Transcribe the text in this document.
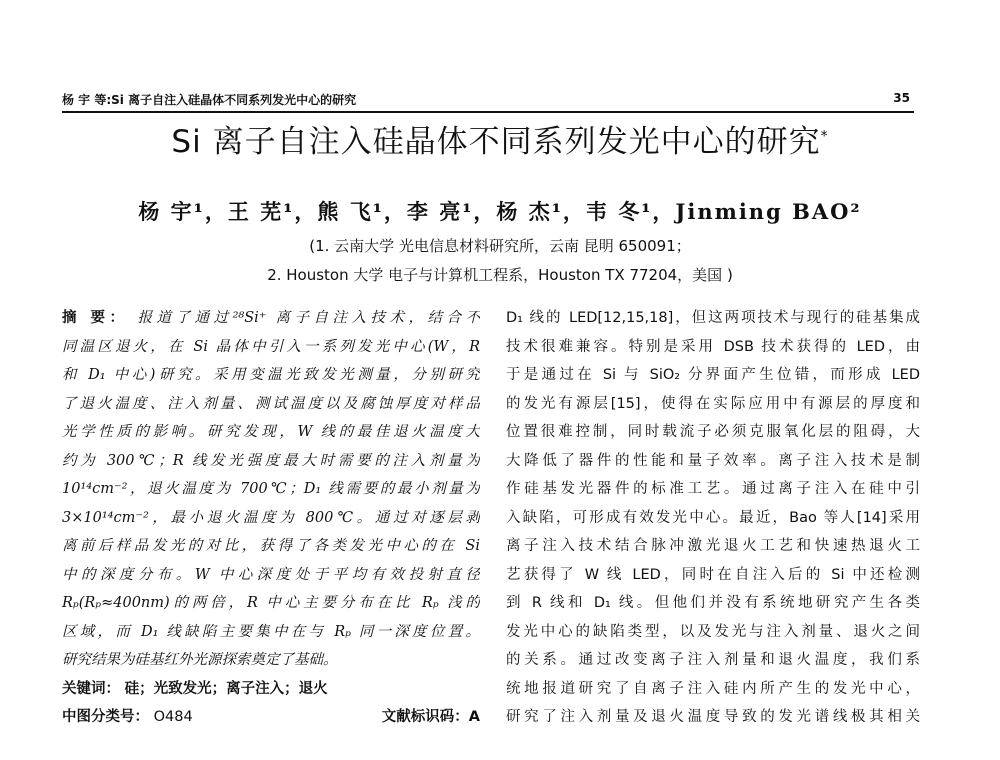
杨 宇 等:Si 离子自注入硅晶体不同系列发光中心的研究	35
Si 离子自注入硅晶体不同系列发光中心的研究*
杨 宇¹，王 芜¹，熊 飞¹，李 亮¹，杨 杰¹，韦 冬¹，Jinming BAO²
(1. 云南大学 光电信息材料研究所，云南 昆明 650091；
2. Houston 大学 电子与计算机工程系，Houston TX 77204，美国 )
摘 要： 报道了通过²⁸Si⁺ 离子自注入技术，结合不
同温区退火，在 Si 晶体中引入一系列发光中心(W，R
和 D₁ 中心)研究。采用变温光致发光测量，分别研究
了退火温度、注入剂量、测试温度以及腐蚀厚度对样品
光学性质的影响。研究发现，W 线的最佳退火温度大
约为 300℃；R 线发光强度最大时需要的注入剂量为
10¹⁴cm⁻²，退火温度为 700℃；D₁ 线需要的最小剂量为
3×10¹⁴cm⁻²，最小退火温度为 800℃。通过对逐层剥
离前后样品发光的对比，获得了各类发光中心的在 Si
中的深度分布。W 中心深度处于平均有效投射直径
Rₚ(Rₚ≈400nm)的两倍，R 中心主要分布在比 Rₚ 浅的
区域，而 D₁ 线缺陷主要集中在与 Rₚ 同一深度位置。
研究结果为硅基红外光源探索奠定了基础。
关键词： 硅；光致发光；离子注入；退火
中图分类号： O484	文献标识码：A
D₁ 线的 LED[12,15,18]，但这两项技术与现行的硅基集成
技术很难兼容。特别是采用 DSB 技术获得的 LED，由
于是通过在 Si 与 SiO₂ 分界面产生位错，而形成 LED
的发光有源层[15]，使得在实际应用中有源层的厚度和
位置很难控制，同时载流子必须克服氧化层的阻碍，大
大降低了器件的性能和量子效率。离子注入技术是制
作硅基发光器件的标准工艺。通过离子注入在硅中引
入缺陷，可形成有效发光中心。最近，Bao 等人[14]采用
离子注入技术结合脉冲激光退火工艺和快速热退火工
艺获得了 W 线 LED，同时在自注入后的 Si 中还检测
到 R 线和 D₁ 线。但他们并没有系统地研究产生各类
发光中心的缺陷类型，以及发光与注入剂量、退火之间
的关系。通过改变离子注入剂量和退火温度，我们系
统地报道研究了自离子注入硅内所产生的发光中心，
研究了注入剂量及退火温度导致的发光谱线极其相关
